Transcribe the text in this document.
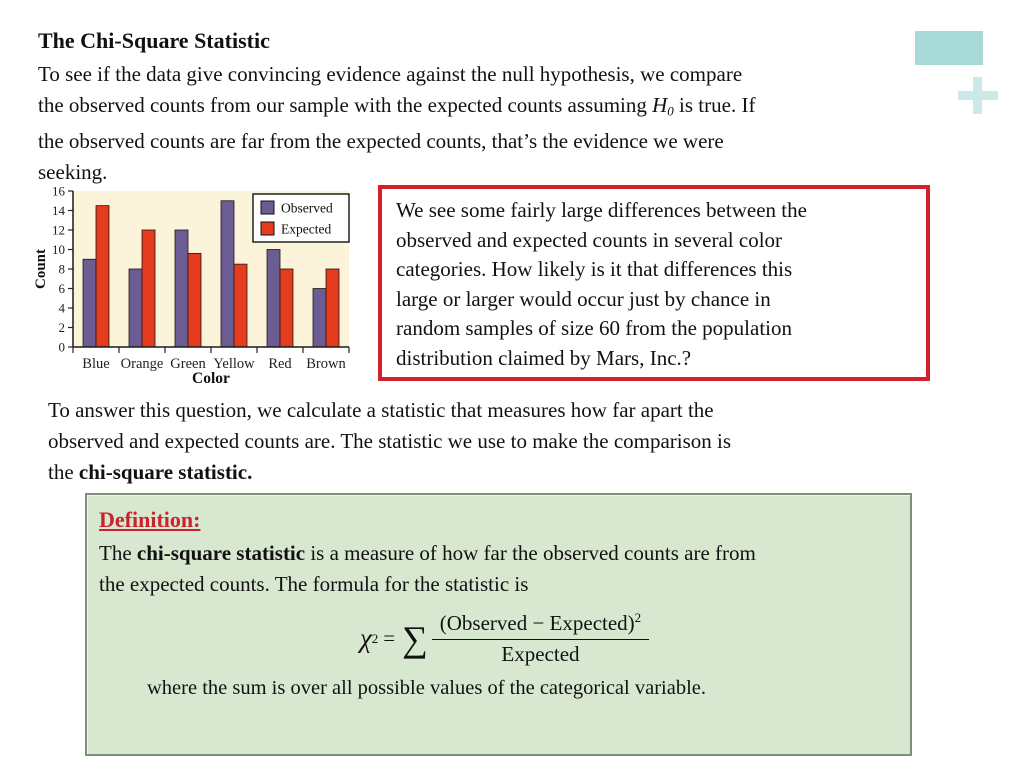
The Chi-Square Statistic
To see if the data give convincing evidence against the null hypothesis, we compare
the observed counts from our sample with the expected counts assuming H0 is true. If
the observed counts are far from the expected counts, that’s the evidence we were
seeking.
0
2
4
6
8
10
12
14
16
Blue Orange Green Yellow Red Brown
Count
Color
Observed
Expected
We see some fairly large differences between the
observed and expected counts in several color
categories. How likely is it that differences this
large or larger would occur just by chance in
random samples of size 60 from the population
distribution claimed by Mars, Inc.?
To answer this question, we calculate a statistic that measures how far apart the
observed and expected counts are. The statistic we use to make the comparison is
the chi-square statistic.
Definition:
The chi-square statistic is a measure of how far the observed counts are from
the expected counts. The formula for the statistic is
χ 2 = ∑ $\frac{(Observed - Expected)^2}{\text{Expected}}$
where the sum is over all possible values of the categorical variable.
